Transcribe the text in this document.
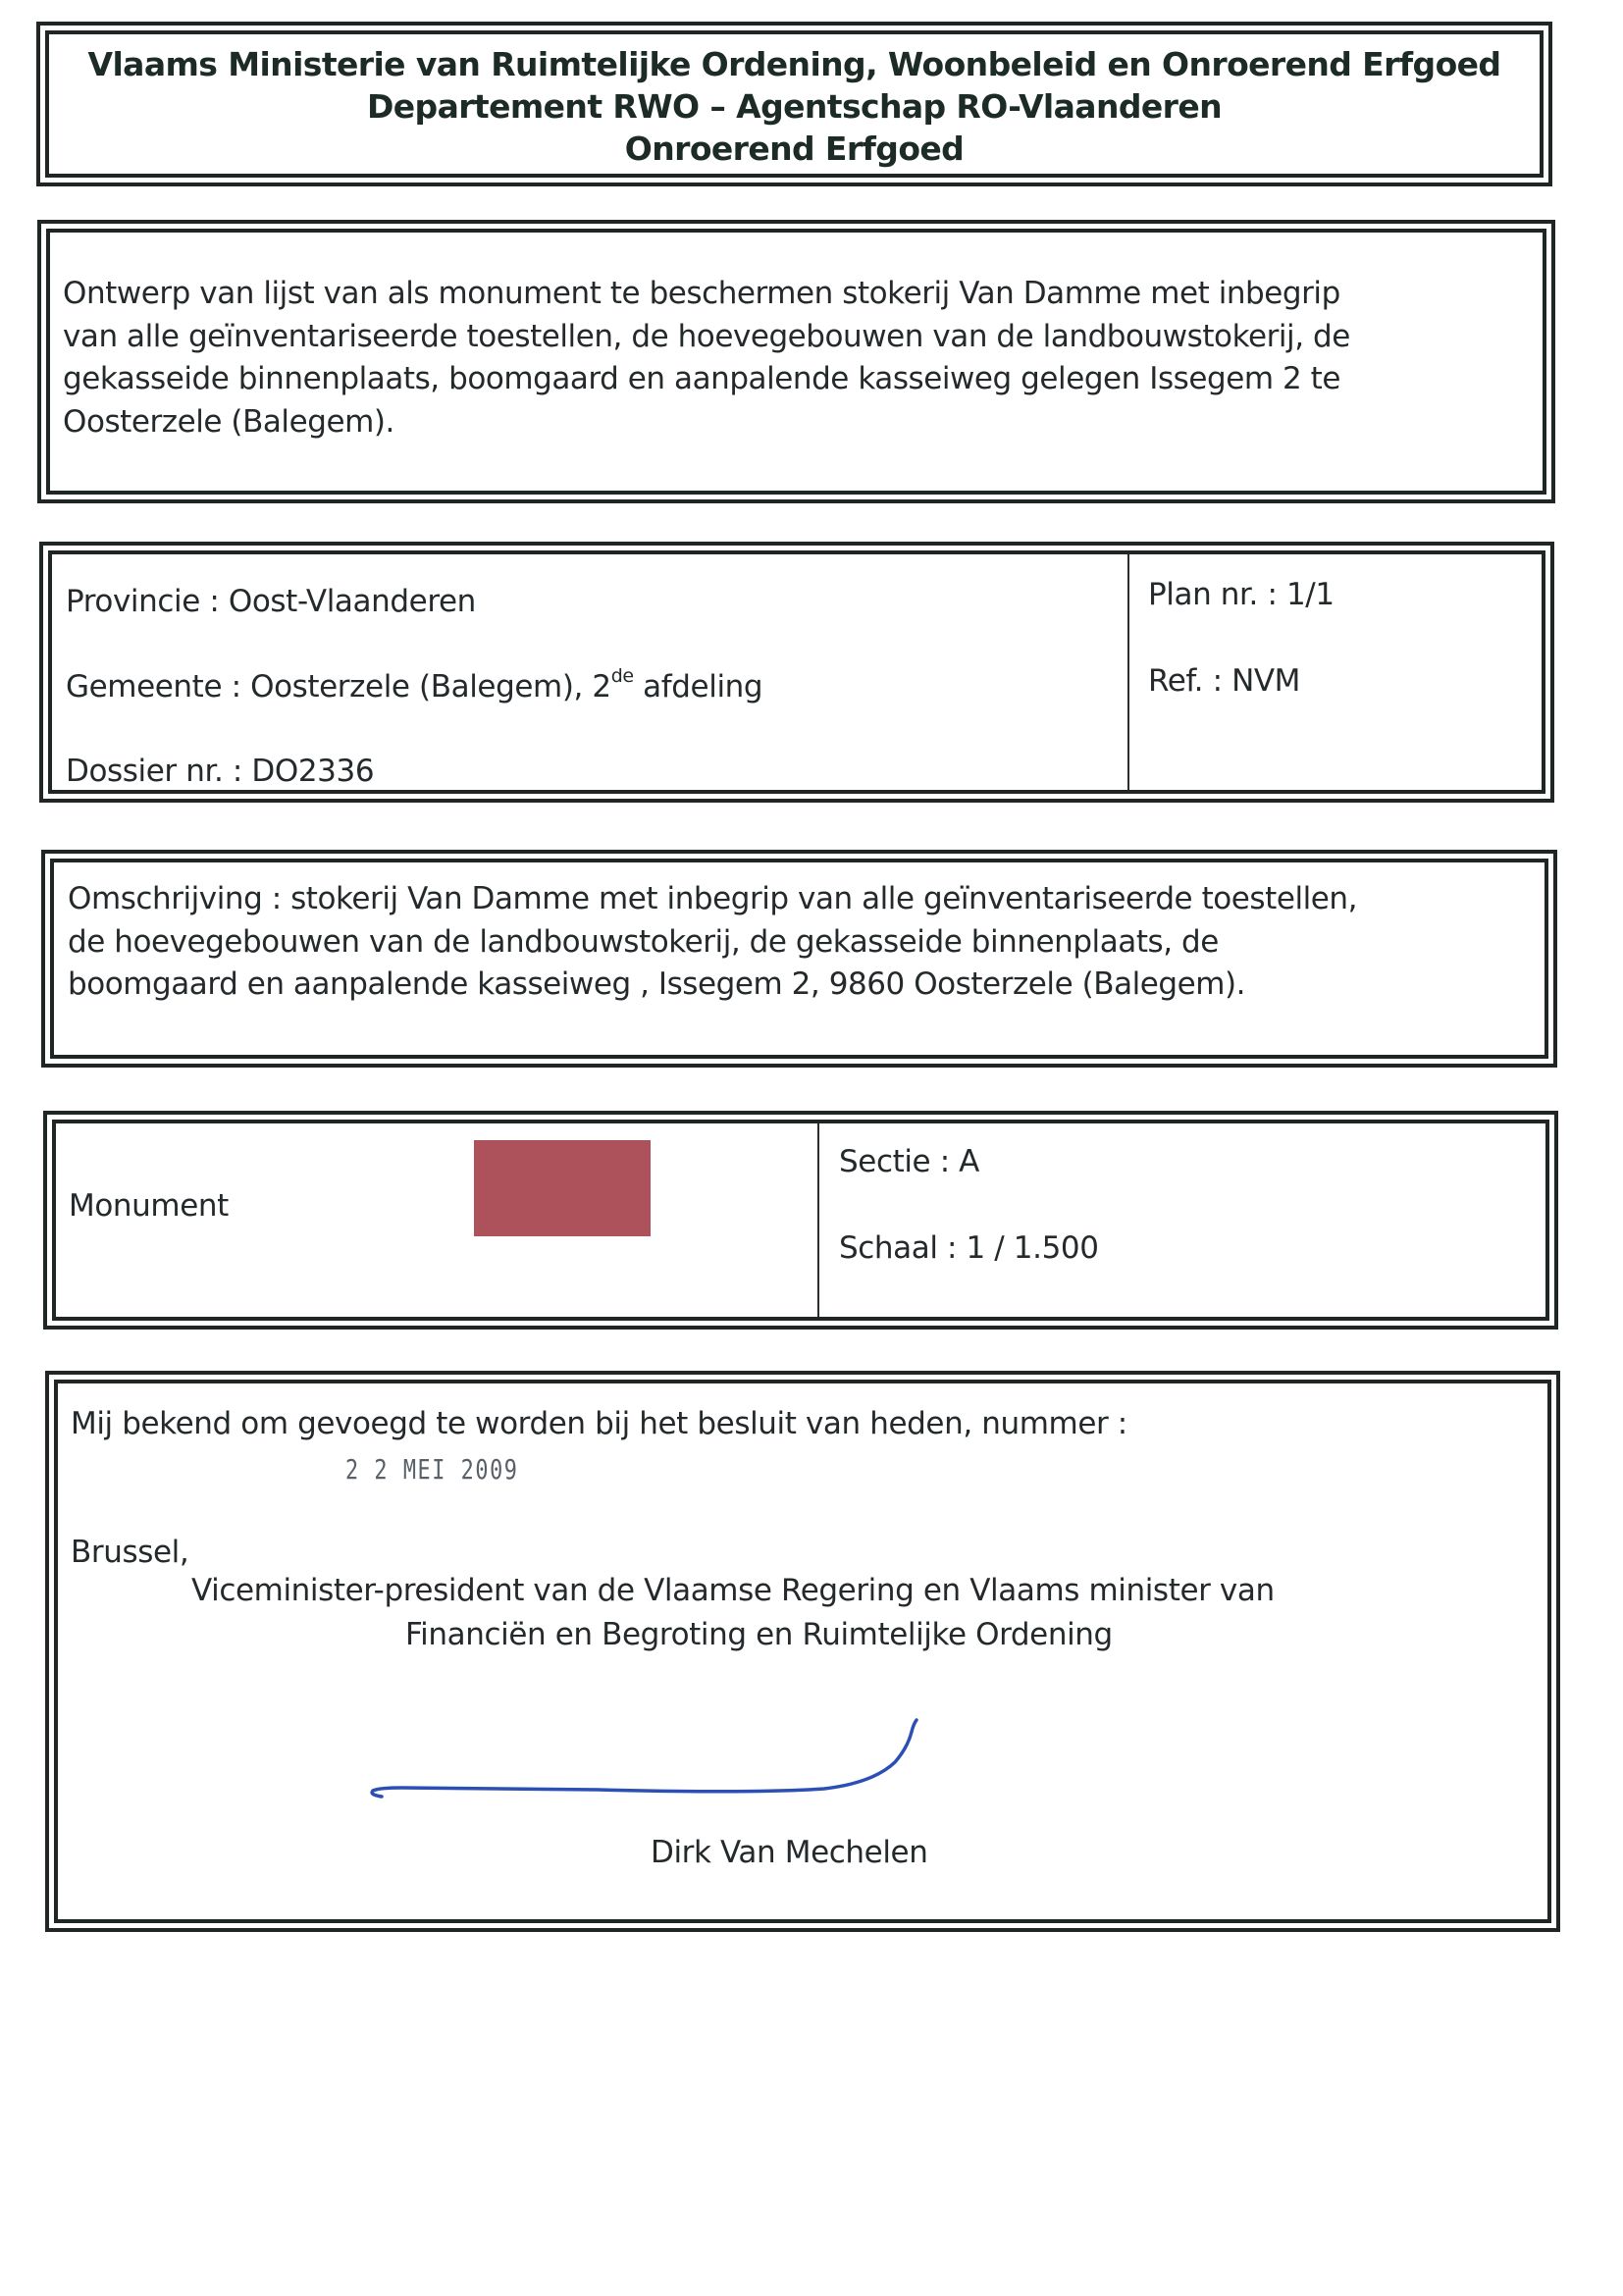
Vlaams Ministerie van Ruimtelijke Ordening, Woonbeleid en Onroerend Erfgoed
Departement RWO – Agentschap RO-Vlaanderen
Onroerend Erfgoed
Ontwerp van lijst van als monument te beschermen stokerij Van Damme met inbegrip
van alle geïnventariseerde toestellen, de hoevegebouwen van de landbouwstokerij, de
gekasseide binnenplaats, boomgaard en aanpalende kasseiweg gelegen Issegem 2 te
Oosterzele (Balegem).
Provincie : Oost-Vlaanderen
Gemeente : Oosterzele (Balegem), 2de afdeling
Dossier nr. : DO2336
Plan nr. : 1/1
Ref. : NVM
Omschrijving : stokerij Van Damme met inbegrip van alle geïnventariseerde toestellen,
de hoevegebouwen van de landbouwstokerij, de gekasseide binnenplaats, de
boomgaard en aanpalende kasseiweg , Issegem 2, 9860 Oosterzele (Balegem).
Monument
Sectie : A
Schaal : 1 / 1.500
Mij bekend om gevoegd te worden bij het besluit van heden, nummer :
2 2 MEI 2009
Brussel,
Viceminister-president van de Vlaamse Regering en Vlaams minister van
Financiën en Begroting en Ruimtelijke Ordening
Dirk Van Mechelen
